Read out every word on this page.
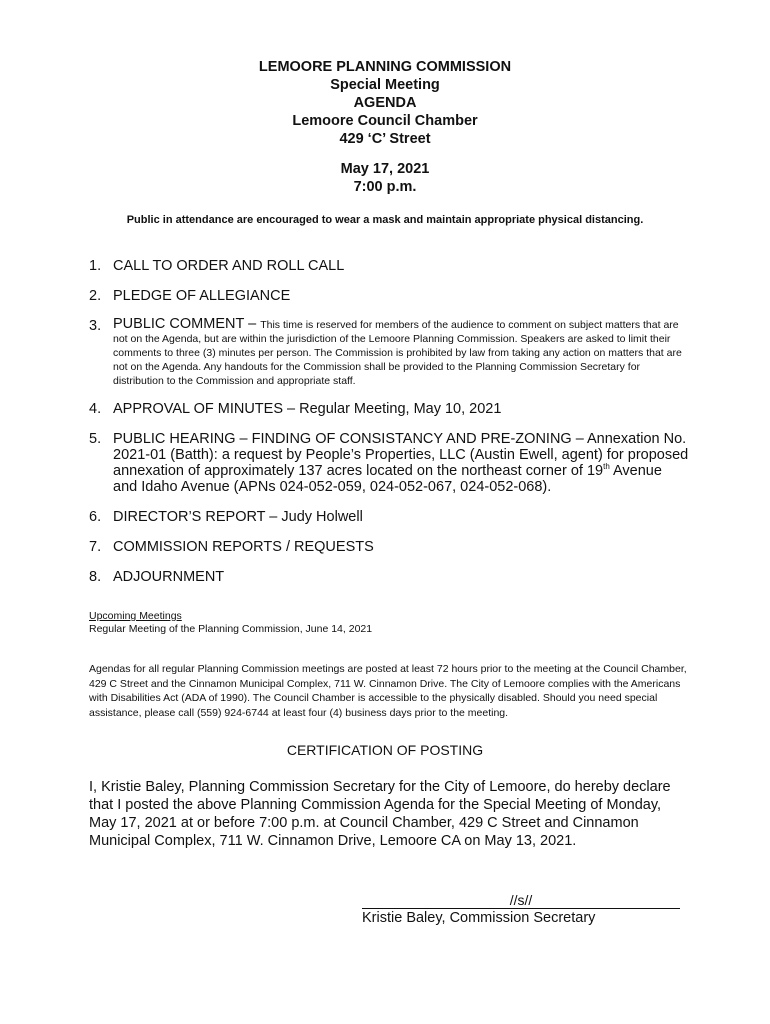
LEMOORE PLANNING COMMISSION
Special Meeting
AGENDA
Lemoore Council Chamber
429 ‘C’ Street
May 17, 2021
7:00 p.m.
Public in attendance are encouraged to wear a mask and maintain appropriate physical distancing.
1. CALL TO ORDER AND ROLL CALL
2. PLEDGE OF ALLEGIANCE
3. PUBLIC COMMENT – This time is reserved for members of the audience to comment on subject matters that are not on the Agenda, but are within the jurisdiction of the Lemoore Planning Commission. Speakers are asked to limit their comments to three (3) minutes per person. The Commission is prohibited by law from taking any action on matters that are not on the Agenda. Any handouts for the Commission shall be provided to the Planning Commission Secretary for distribution to the Commission and appropriate staff.
4. APPROVAL OF MINUTES – Regular Meeting, May 10, 2021
5. PUBLIC HEARING – FINDING OF CONSISTANCY AND PRE-ZONING – Annexation No. 2021-01 (Batth): a request by People’s Properties, LLC (Austin Ewell, agent) for proposed annexation of approximately 137 acres located on the northeast corner of 19th Avenue and Idaho Avenue (APNs 024-052-059, 024-052-067, 024-052-068).
6. DIRECTOR’S REPORT – Judy Holwell
7. COMMISSION REPORTS / REQUESTS
8. ADJOURNMENT
Upcoming Meetings
Regular Meeting of the Planning Commission, June 14, 2021
Agendas for all regular Planning Commission meetings are posted at least 72 hours prior to the meeting at the Council Chamber, 429 C Street and the Cinnamon Municipal Complex, 711 W. Cinnamon Drive. The City of Lemoore complies with the Americans with Disabilities Act (ADA of 1990). The Council Chamber is accessible to the physically disabled. Should you need special assistance, please call (559) 924-6744 at least four (4) business days prior to the meeting.
CERTIFICATION OF POSTING
I, Kristie Baley, Planning Commission Secretary for the City of Lemoore, do hereby declare that I posted the above Planning Commission Agenda for the Special Meeting of Monday, May 17, 2021 at or before 7:00 p.m. at Council Chamber, 429 C Street and Cinnamon Municipal Complex, 711 W. Cinnamon Drive, Lemoore CA on May 13, 2021.
//s//
Kristie Baley, Commission Secretary
